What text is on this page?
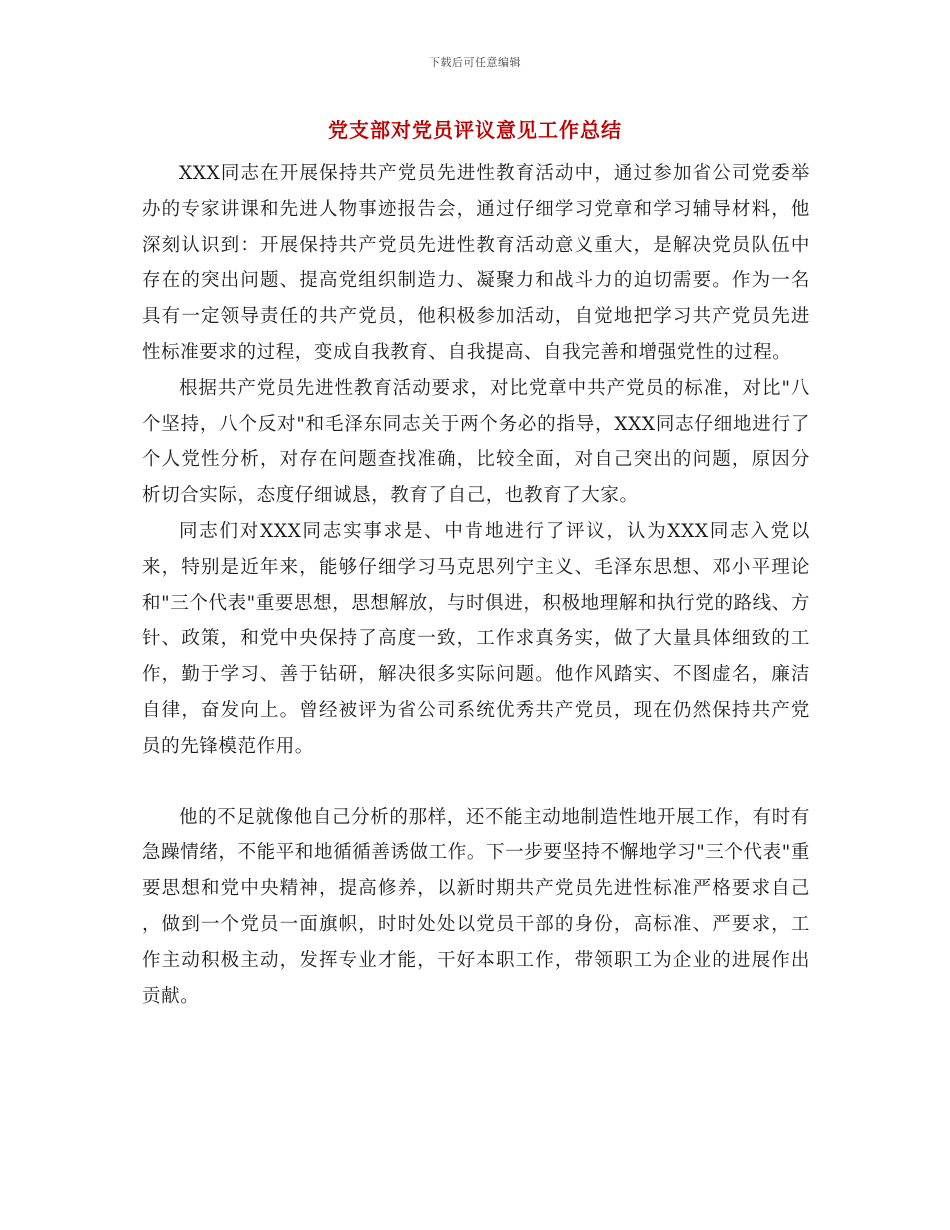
下载后可任意编辑
党支部对党员评议意见工作总结

XXX同志在开展保持共产党员先进性教育活动中，通过参加省公司党委举办的专家讲课和先进人物事迹报告会，通过仔细学习党章和学习辅导材料，他深刻认识到：开展保持共产党员先进性教育活动意义重大，是解决党员队伍中存在的突出问题、提高党组织制造力、凝聚力和战斗力的迫切需要。作为一名具有一定领导责任的共产党员，他积极参加活动，自觉地把学习共产党员先进性标准要求的过程，变成自我教育、自我提高、自我完善和增强党性的过程。

根据共产党员先进性教育活动要求，对比党章中共产党员的标准，对比"八个坚持，八个反对"和毛泽东同志关于两个务必的指导，XXX同志仔细地进行了个人党性分析，对存在问题查找准确，比较全面，对自己突出的问题，原因分析切合实际，态度仔细诚恳，教育了自己，也教育了大家。

同志们对XXX同志实事求是、中肯地进行了评议，认为XXX同志入党以来，特别是近年来，能够仔细学习马克思列宁主义、毛泽东思想、邓小平理论和"三个代表"重要思想，思想解放，与时俱进，积极地理解和执行党的路线、方针、政策，和党中央保持了高度一致，工作求真务实，做了大量具体细致的工作，勤于学习、善于钻研，解决很多实际问题。他作风踏实、不图虚名，廉洁自律，奋发向上。曾经被评为省公司系统优秀共产党员，现在仍然保持共产党员的先锋模范作用。

他的不足就像他自己分析的那样，还不能主动地制造性地开展工作，有时有急躁情绪，不能平和地循循善诱做工作。下一步要坚持不懈地学习"三个代表"重要思想和党中央精神，提高修养，以新时期共产党员先进性标准严格要求自己 ，做到一个党员一面旗帜，时时处处以党员干部的身份，高标准、严要求，工作主动积极主动，发挥专业才能，干好本职工作，带领职工为企业的进展作出贡献。
